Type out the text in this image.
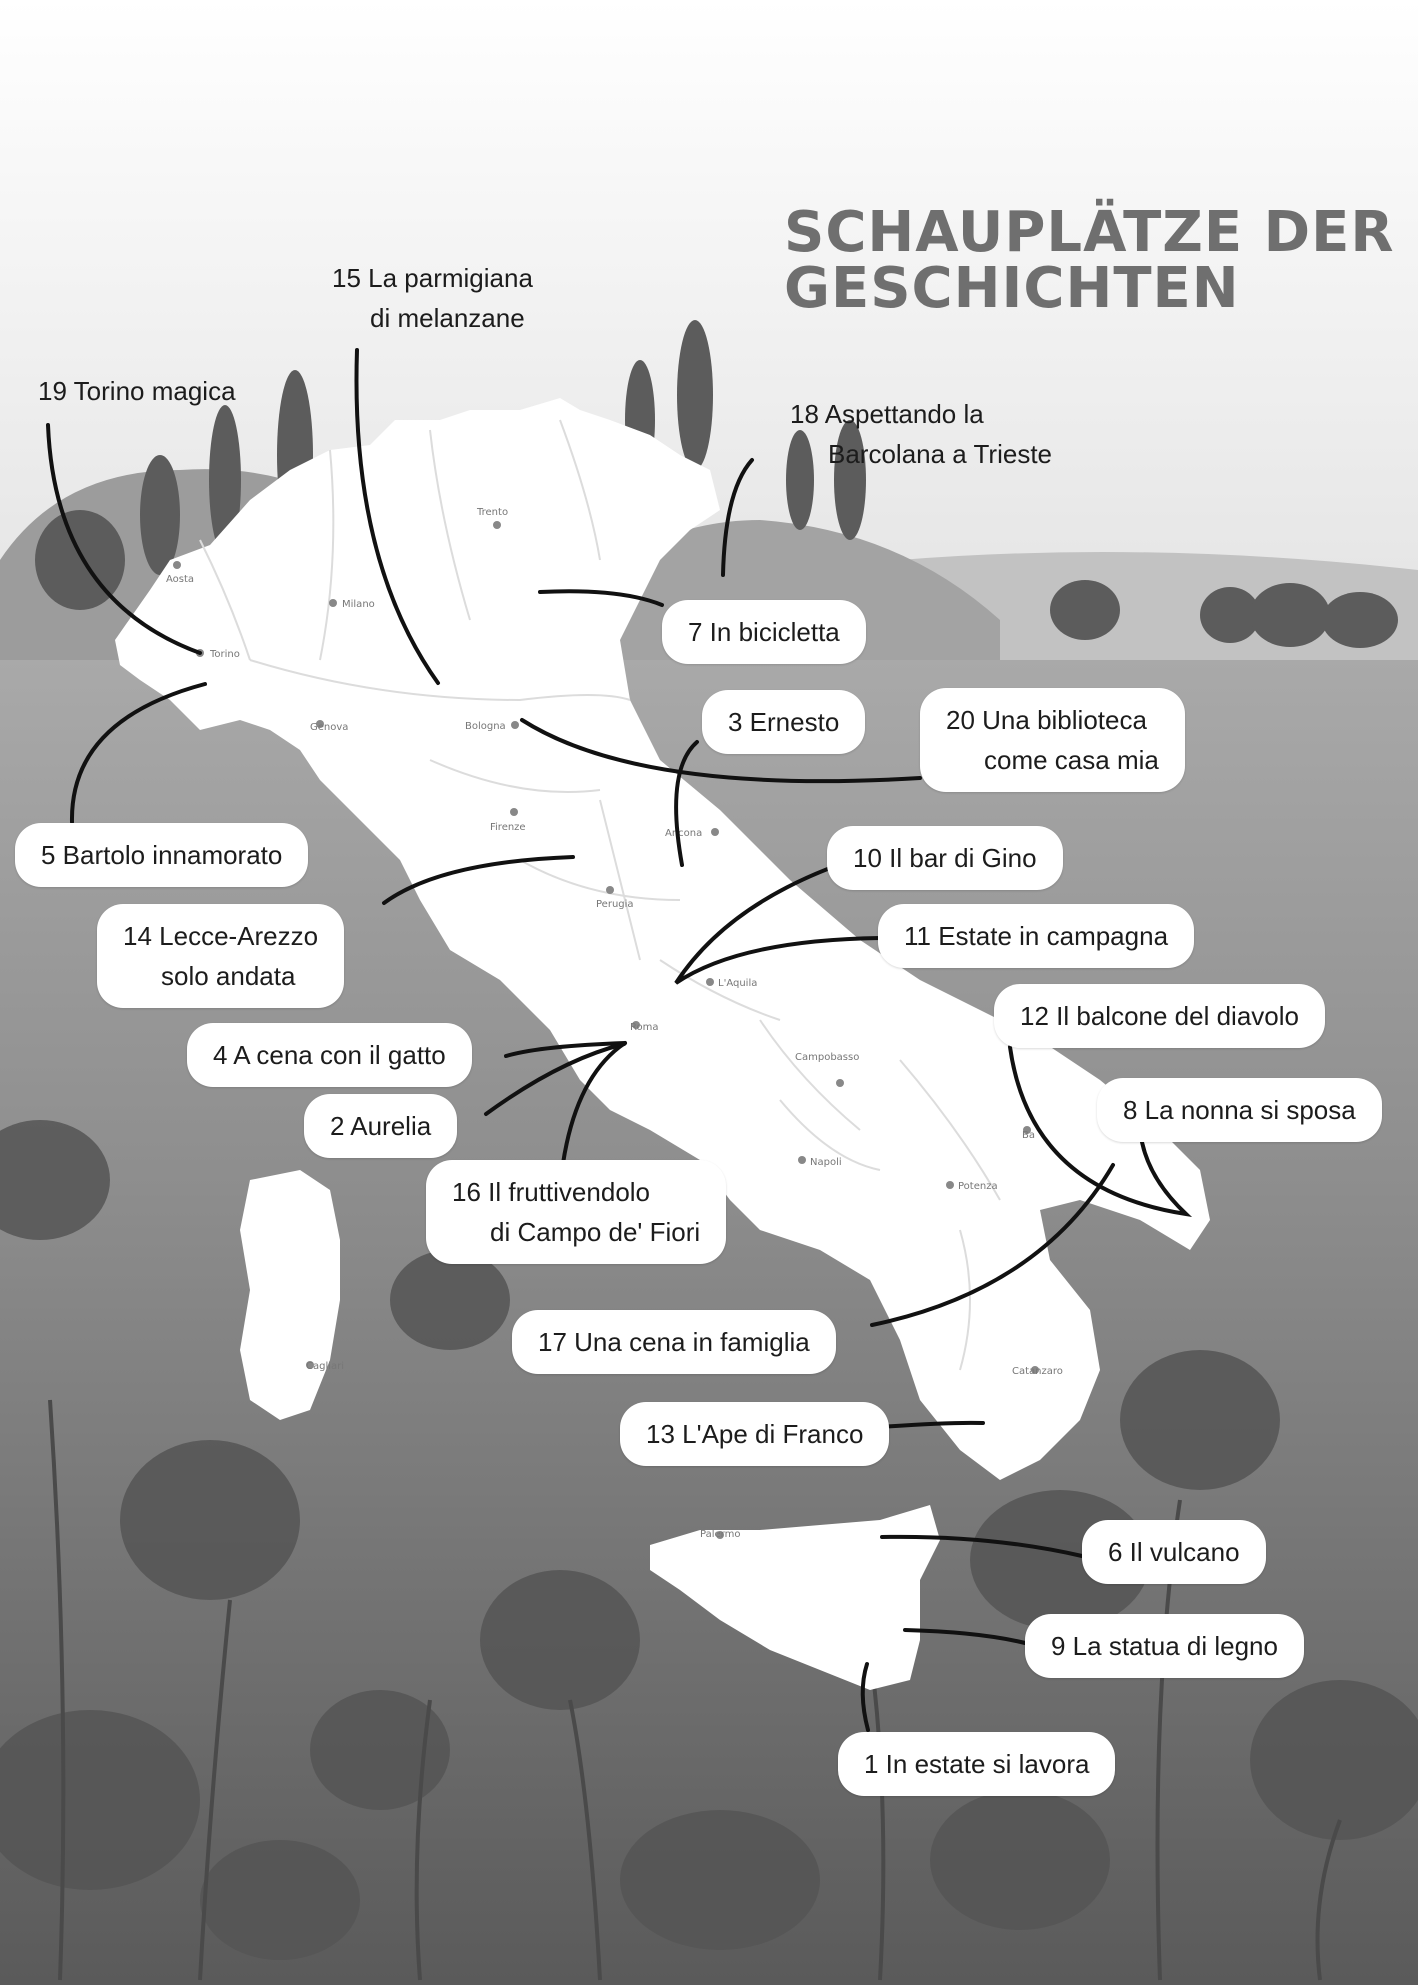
Aosta
Torino
Milano
Trento
Genova	Bologna
Firenze
Ancona
Perugia
L'Aquila
Roma
Campobasso
Napoli
Potenza
Ba
Cagliari	Catanzaro
Palermo
SCHAUPLÄTZE DER
GESCHICHTEN
15 La parmigiana
di melanzane
19 Torino magica
18 Aspettando la
Barcolana a Trieste
7 In bicicletta
3 Ernesto	20 Una biblioteca
come casa mia
5 Bartolo innamorato	10 Il bar di Gino
14 Lecce-Arezzo
solo andata
11 Estate in campagna
12 Il balcone del diavolo
4 A cena con il gatto
8 La nonna si sposa
2 Aurelia
16 Il fruttivendolo
di Campo de' Fiori
17 Una cena in famiglia
13 L'Ape di Franco
6 Il vulcano
9 La statua di legno
1 In estate si lavora
